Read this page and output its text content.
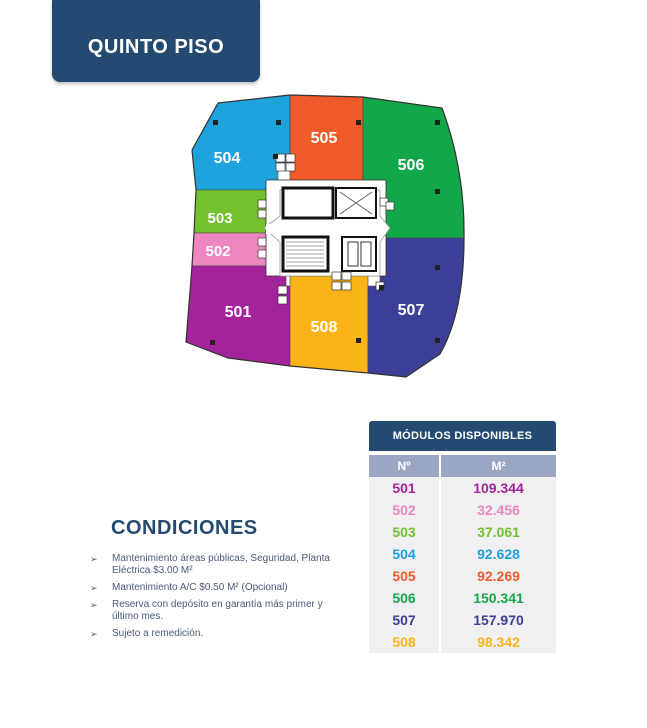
QUINTO PISO
504
505
506
503
502
501
508
507
MÓDULOS DISPONIBLES
Nº	M²
501	109.344
502	32.456
503	37.061
504	92.628
505	92.269
506	150.341
507	157.970
508	98.342
CONDICIONES
➢ Mantenimiento áreas públicas, Seguridad, Planta Eléctrica $3.00 M²
➢ Mantenimiento A/C $0.50 M² (Opcional)
➢ Reserva con depósito en garantía más primer y último mes.
➢ Sujeto a remedición.
